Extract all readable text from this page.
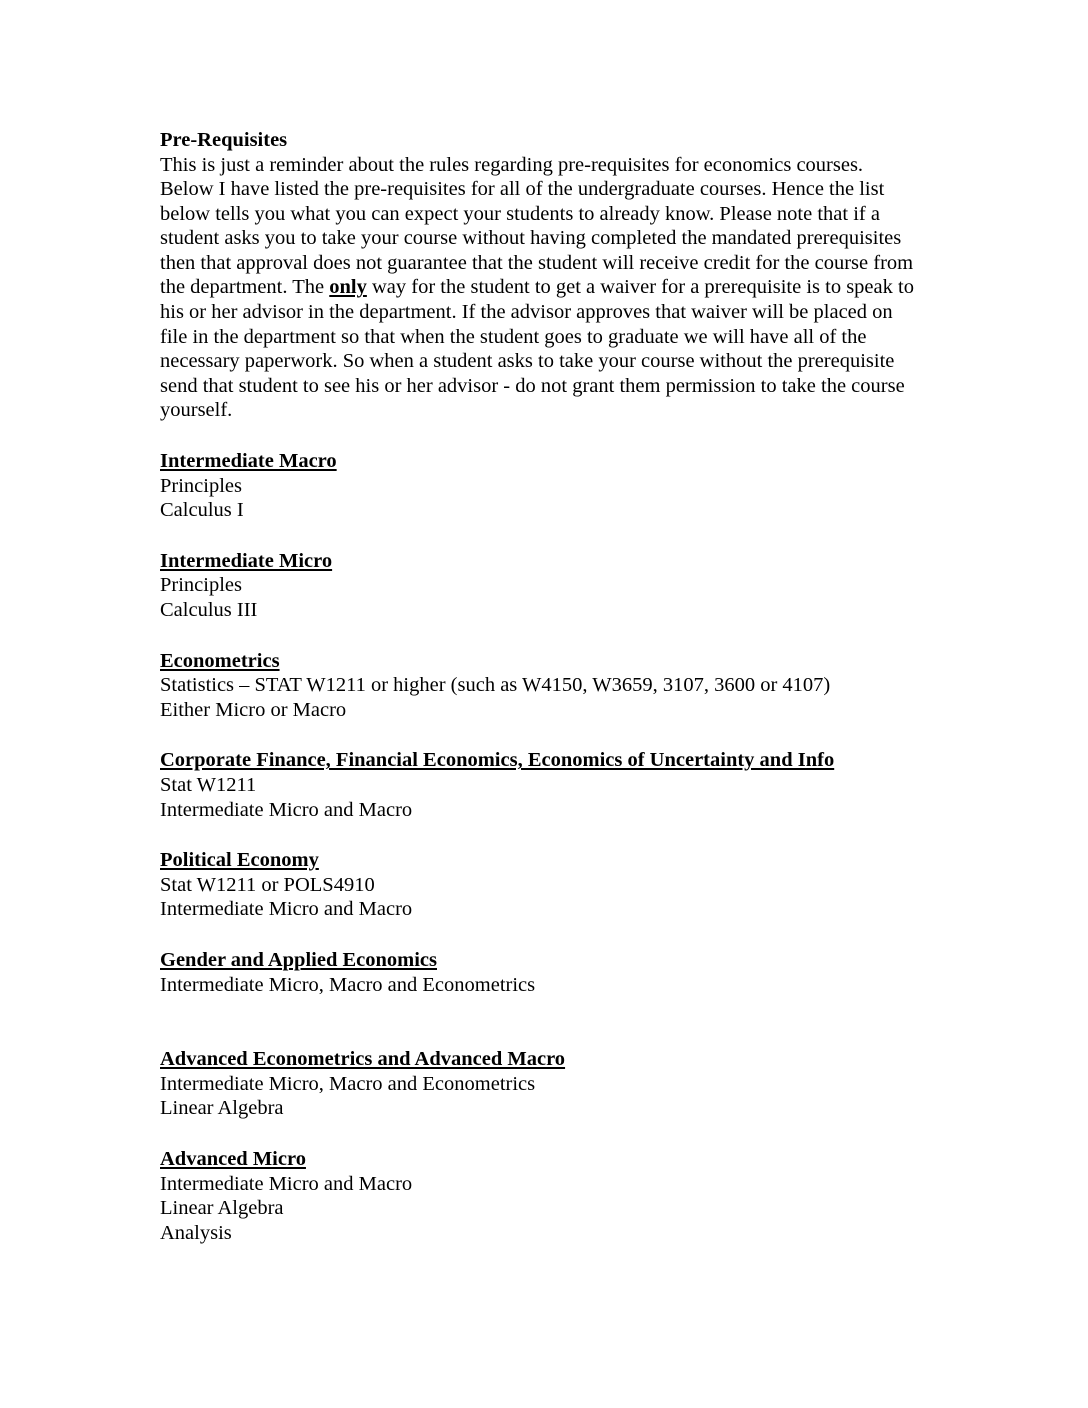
Pre-Requisites

This is just a reminder about the rules regarding pre-requisites for economics courses. Below I have listed the pre-requisites for all of the undergraduate courses. Hence the list below tells you what you can expect your students to already know. Please note that if a student asks you to take your course without having completed the mandated prerequisites then that approval does not guarantee that the student will receive credit for the course from the department. The only way for the student to get a waiver for a prerequisite is to speak to his or her advisor in the department. If the advisor approves that waiver will be placed on file in the department so that when the student goes to graduate we will have all of the necessary paperwork. So when a student asks to take your course without the prerequisite send that student to see his or her advisor - do not grant them permission to take the course yourself.

Intermediate Macro

Principles

Calculus I

Intermediate Micro

Principles

Calculus III

Econometrics

Statistics – STAT W1211 or higher (such as W4150, W3659, 3107, 3600 or 4107)

Either Micro or Macro

Corporate Finance, Financial Economics, Economics of Uncertainty and Info

Stat W1211

Intermediate Micro and Macro

Political Economy

Stat W1211 or POLS4910

Intermediate Micro and Macro

Gender and Applied Economics

Intermediate Micro, Macro and Econometrics

Advanced Econometrics and Advanced Macro

Intermediate Micro, Macro and Econometrics

Linear Algebra

Advanced Micro

Intermediate Micro and Macro

Linear Algebra

Analysis
